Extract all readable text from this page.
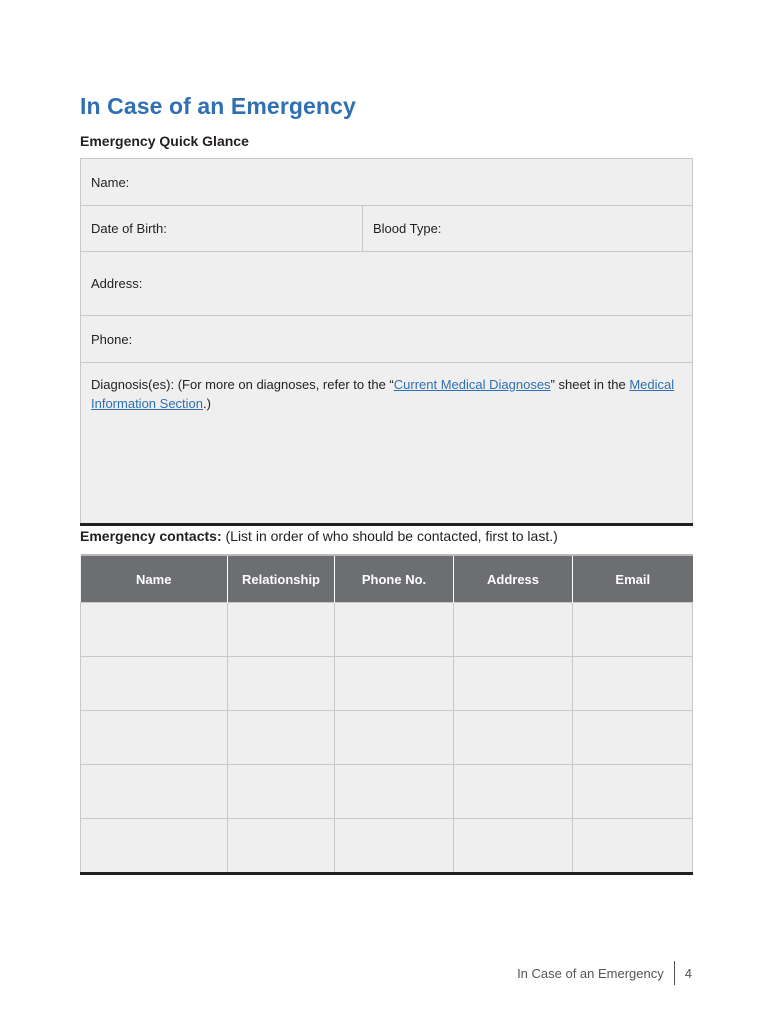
In Case of an Emergency
Emergency Quick Glance
Name:
Date of Birth:	Blood Type:
Address:
Phone:
Diagnosis(es): (For more on diagnoses, refer to the “Current Medical Diagnoses” sheet in the Medical Information Section.)

Emergency contacts: (List in order of who should be contacted, first to last.)

Name	Relationship	Phone No.	Address	Email

In Case of an Emergency 4
